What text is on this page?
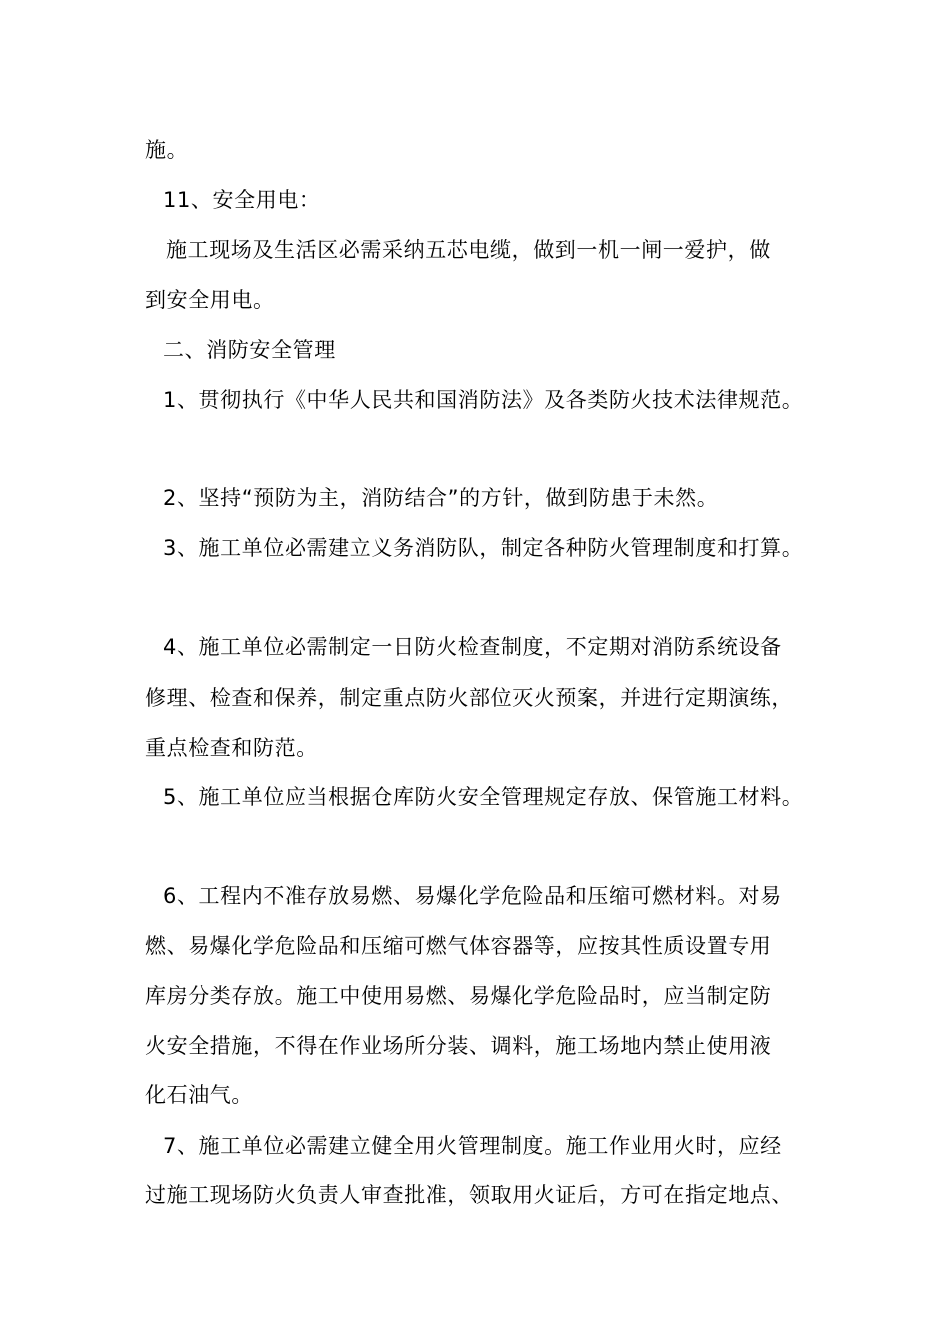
施。
11、安全用电：
施工现场及生活区必需采纳五芯电缆，做到一机一闸一爱护，做
到安全用电。
二、消防安全管理
1、贯彻执行《中华人民共和国消防法》及各类防火技术法律规范。
2、坚持“预防为主，消防结合”的方针，做到防患于未然。
3、施工单位必需建立义务消防队，制定各种防火管理制度和打算。
4、施工单位必需制定一日防火检查制度，不定期对消防系统设备
修理、检查和保养，制定重点防火部位灭火预案，并进行定期演练，
重点检查和防范。
5、施工单位应当根据仓库防火安全管理规定存放、保管施工材料。
6、工程内不准存放易燃、易爆化学危险品和压缩可燃材料。对易
燃、易爆化学危险品和压缩可燃气体容器等，应按其性质设置专用
库房分类存放。施工中使用易燃、易爆化学危险品时，应当制定防
火安全措施，不得在作业场所分装、调料，施工场地内禁止使用液
化石油气。
7、施工单位必需建立健全用火管理制度。施工作业用火时，应经
过施工现场防火负责人审查批准，领取用火证后，方可在指定地点、
